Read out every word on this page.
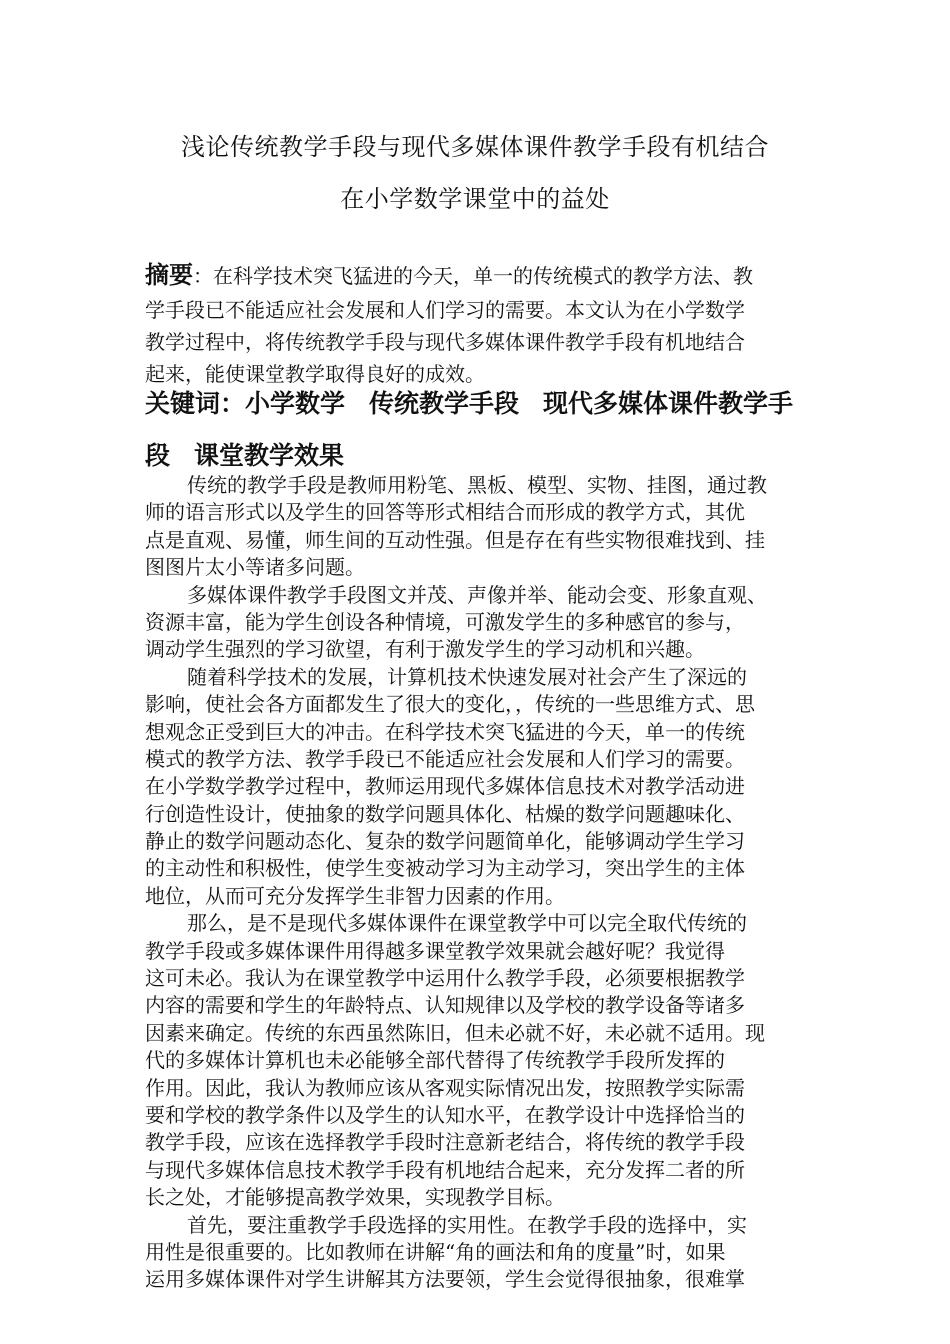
浅论传统教学手段与现代多媒体课件教学手段有机结合
在小学数学课堂中的益处
摘要：在科学技术突飞猛进的今天，单一的传统模式的教学方法、教
学手段已不能适应社会发展和人们学习的需要。本文认为在小学数学
教学过程中，将传统教学手段与现代多媒体课件教学手段有机地结合
起来，能使课堂教学取得良好的成效。
关键词：小学数学 传统教学手段 现代多媒体课件教学手
段 课堂教学效果
传统的教学手段是教师用粉笔、黑板、模型、实物、挂图，通过教
师的语言形式以及学生的回答等形式相结合而形成的教学方式，其优
点是直观、易懂，师生间的互动性强。但是存在有些实物很难找到、挂
图图片太小等诸多问题。
多媒体课件教学手段图文并茂、声像并举、能动会变、形象直观、
资源丰富，能为学生创设各种情境，可激发学生的多种感官的参与，
调动学生强烈的学习欲望，有利于激发学生的学习动机和兴趣。
随着科学技术的发展，计算机技术快速发展对社会产生了深远的
影响，使社会各方面都发生了很大的变化，，传统的一些思维方式、思
想观念正受到巨大的冲击。在科学技术突飞猛进的今天，单一的传统
模式的教学方法、教学手段已不能适应社会发展和人们学习的需要。
在小学数学教学过程中，教师运用现代多媒体信息技术对教学活动进
行创造性设计，使抽象的数学问题具体化、枯燥的数学问题趣味化、
静止的数学问题动态化、复杂的数学问题简单化，能够调动学生学习
的主动性和积极性，使学生变被动学习为主动学习，突出学生的主体
地位，从而可充分发挥学生非智力因素的作用。
那么，是不是现代多媒体课件在课堂教学中可以完全取代传统的
教学手段或多媒体课件用得越多课堂教学效果就会越好呢？我觉得
这可未必。我认为在课堂教学中运用什么教学手段，必须要根据教学
内容的需要和学生的年龄特点、认知规律以及学校的教学设备等诸多
因素来确定。传统的东西虽然陈旧，但未必就不好，未必就不适用。现
代的多媒体计算机也未必能够全部代替得了传统教学手段所发挥的
作用。因此，我认为教师应该从客观实际情况出发，按照教学实际需
要和学校的教学条件以及学生的认知水平，在教学设计中选择恰当的
教学手段，应该在选择教学手段时注意新老结合，将传统的教学手段
与现代多媒体信息技术教学手段有机地结合起来，充分发挥二者的所
长之处，才能够提高教学效果，实现教学目标。
首先，要注重教学手段选择的实用性。在教学手段的选择中，实
用性是很重要的。比如教师在讲解“角的画法和角的度量”时，如果
运用多媒体课件对学生讲解其方法要领，学生会觉得很抽象，很难掌
